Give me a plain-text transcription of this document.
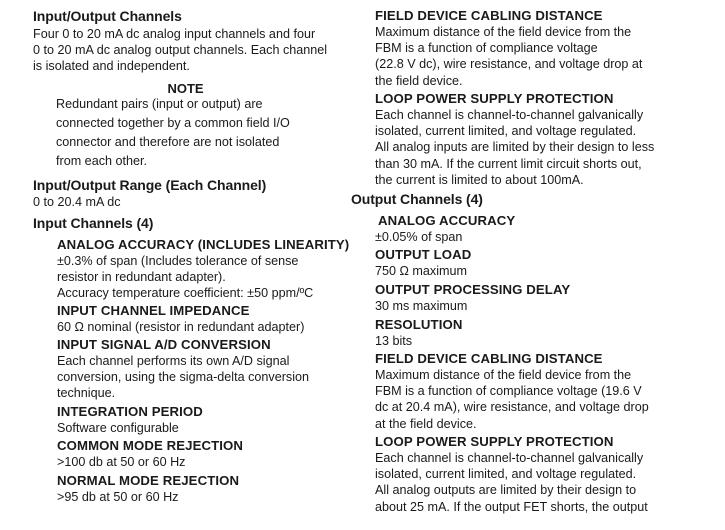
Input/Output Channels
Four 0 to 20 mA dc analog input channels and four
0 to 20 mA dc analog output channels. Each channel
is isolated and independent.
NOTE
Redundant pairs (input or output) are
connected together by a common field I/O
connector and therefore are not isolated
from each other.
Input/Output Range (Each Channel)
0 to 20.4 mA dc
Input Channels (4)
ANALOG ACCURACY (INCLUDES LINEARITY)
±0.3% of span (Includes tolerance of sense
resistor in redundant adapter).
Accuracy temperature coefficient: ±50 ppm/ºC
INPUT CHANNEL IMPEDANCE
60 Ω nominal (resistor in redundant adapter)
INPUT SIGNAL A/D CONVERSION
Each channel performs its own A/D signal
conversion, using the sigma-delta conversion
technique.
INTEGRATION PERIOD
Software configurable
COMMON MODE REJECTION
>100 db at 50 or 60 Hz
NORMAL MODE REJECTION
>95 db at 50 or 60 Hz
FIELD DEVICE CABLING DISTANCE
Maximum distance of the field device from the
FBM is a function of compliance voltage
(22.8 V dc), wire resistance, and voltage drop at
the field device.
LOOP POWER SUPPLY PROTECTION
Each channel is channel-to-channel galvanically
isolated, current limited, and voltage regulated.
All analog inputs are limited by their design to less
than 30 mA. If the current limit circuit shorts out,
the current is limited to about 100mA.
Output Channels (4)
ANALOG ACCURACY
±0.05% of span
OUTPUT LOAD
750 Ω maximum
OUTPUT PROCESSING DELAY
30 ms maximum
RESOLUTION
13 bits
FIELD DEVICE CABLING DISTANCE
Maximum distance of the field device from the
FBM is a function of compliance voltage (19.6 V
dc at 20.4 mA), wire resistance, and voltage drop
at the field device.
LOOP POWER SUPPLY PROTECTION
Each channel is channel-to-channel galvanically
isolated, current limited, and voltage regulated.
All analog outputs are limited by their design to
about 25 mA. If the output FET shorts, the output
